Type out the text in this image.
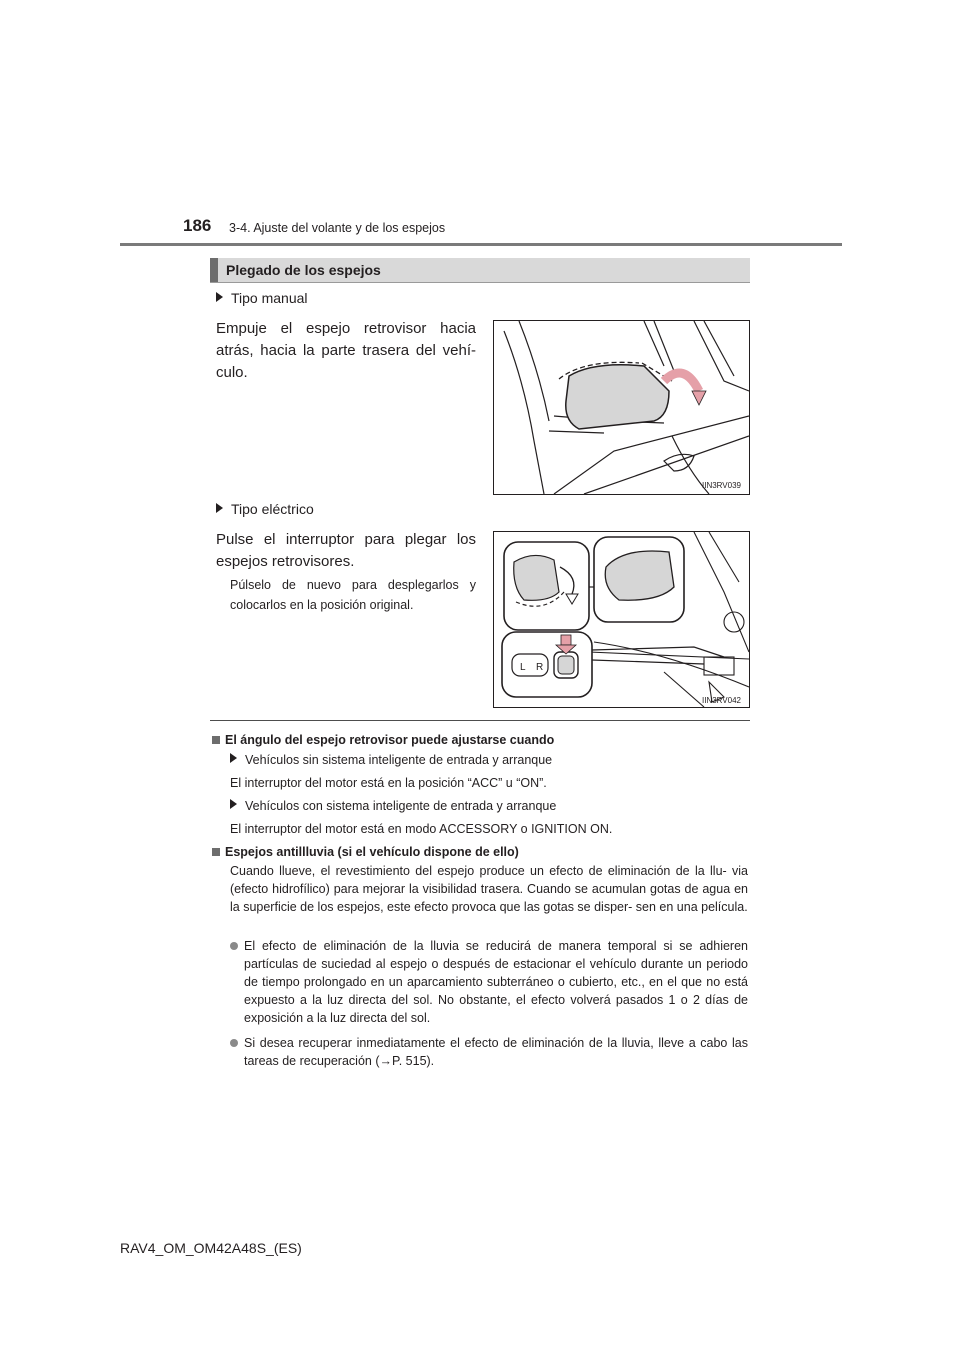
186 3-4. Ajuste del volante y de los espejos
Plegado de los espejos
Tipo manual
Empuje el espejo retrovisor hacia atrás, hacia la parte trasera del vehículo.
IIN3RV039
Tipo eléctrico
Pulse el interruptor para plegar los espejos retrovisores.
Púlselo de nuevo para desplegarlos y colocarlos en la posición original.
L R
IIN3RV042
El ángulo del espejo retrovisor puede ajustarse cuando
Vehículos sin sistema inteligente de entrada y arranque
El interruptor del motor está en la posición “ACC” u “ON”.
Vehículos con sistema inteligente de entrada y arranque
El interruptor del motor está en modo ACCESSORY o IGNITION ON.
Espejos antillluvia (si el vehículo dispone de ello)
Cuando llueve, el revestimiento del espejo produce un efecto de eliminación de la llu- via (efecto hidrofílico) para mejorar la visibilidad trasera. Cuando se acumulan gotas de agua en la superficie de los espejos, este efecto provoca que las gotas se disper- sen en una película.
El efecto de eliminación de la lluvia se reducirá de manera temporal si se adhieren partículas de suciedad al espejo o después de estacionar el vehículo durante un periodo de tiempo prolongado en un aparcamiento subterráneo o cubierto, etc., en el que no está expuesto a la luz directa del sol. No obstante, el efecto volverá pasados 1 o 2 días de exposición a la luz directa del sol.
Si desea recuperar inmediatamente el efecto de eliminación de la lluvia, lleve a cabo las tareas de recuperación (→P. 515).
RAV4_OM_OM42A48S_(ES)
